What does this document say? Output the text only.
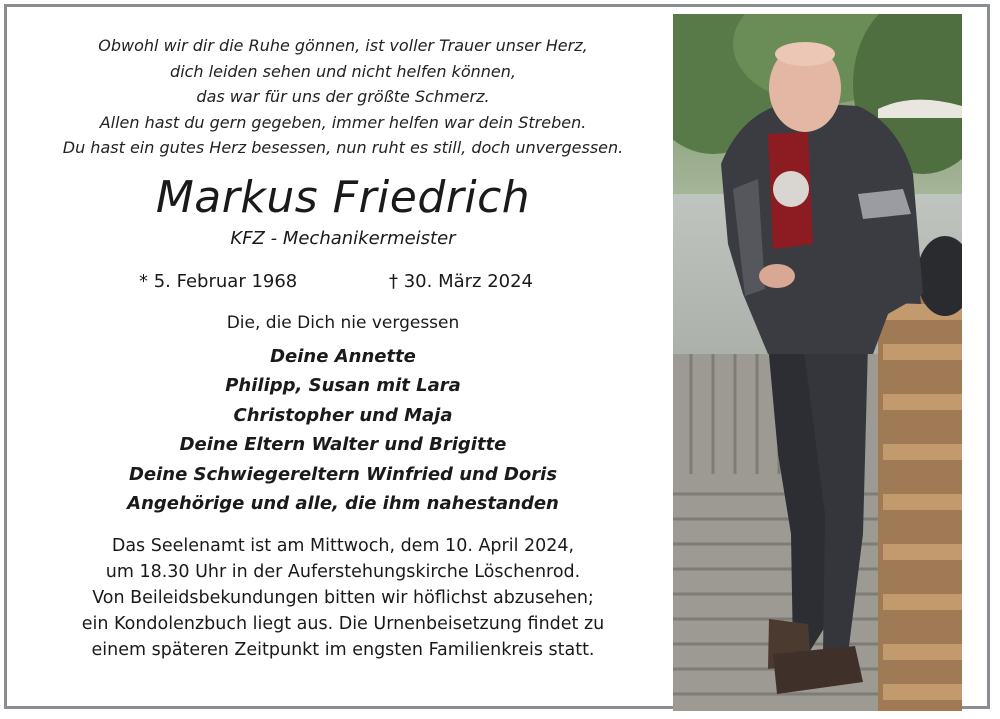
Obwohl wir dir die Ruhe gönnen, ist voller Trauer unser Herz,
dich leiden sehen und nicht helfen können,
das war für uns der größte Schmerz.
Allen hast du gern gegeben, immer helfen war dein Streben.
Du hast ein gutes Herz besessen, nun ruht es still, doch unvergessen.
Markus Friedrich
KFZ - Mechanikermeister
* 5. Februar 1968	† 30. März 2024
Die, die Dich nie vergessen
Deine Annette
Philipp, Susan mit Lara
Christopher und Maja
Deine Eltern Walter und Brigitte
Deine Schwiegereltern Winfried und Doris
Angehörige und alle, die ihm nahestanden
Das Seelenamt ist am Mittwoch, dem 10. April 2024,
um 18.30 Uhr in der Auferstehungskirche Löschenrod.
Von Beileidsbekundungen bitten wir höflichst abzusehen;
ein Kondolenzbuch liegt aus. Die Urnenbeisetzung findet zu
einem späteren Zeitpunkt im engsten Familienkreis statt.
